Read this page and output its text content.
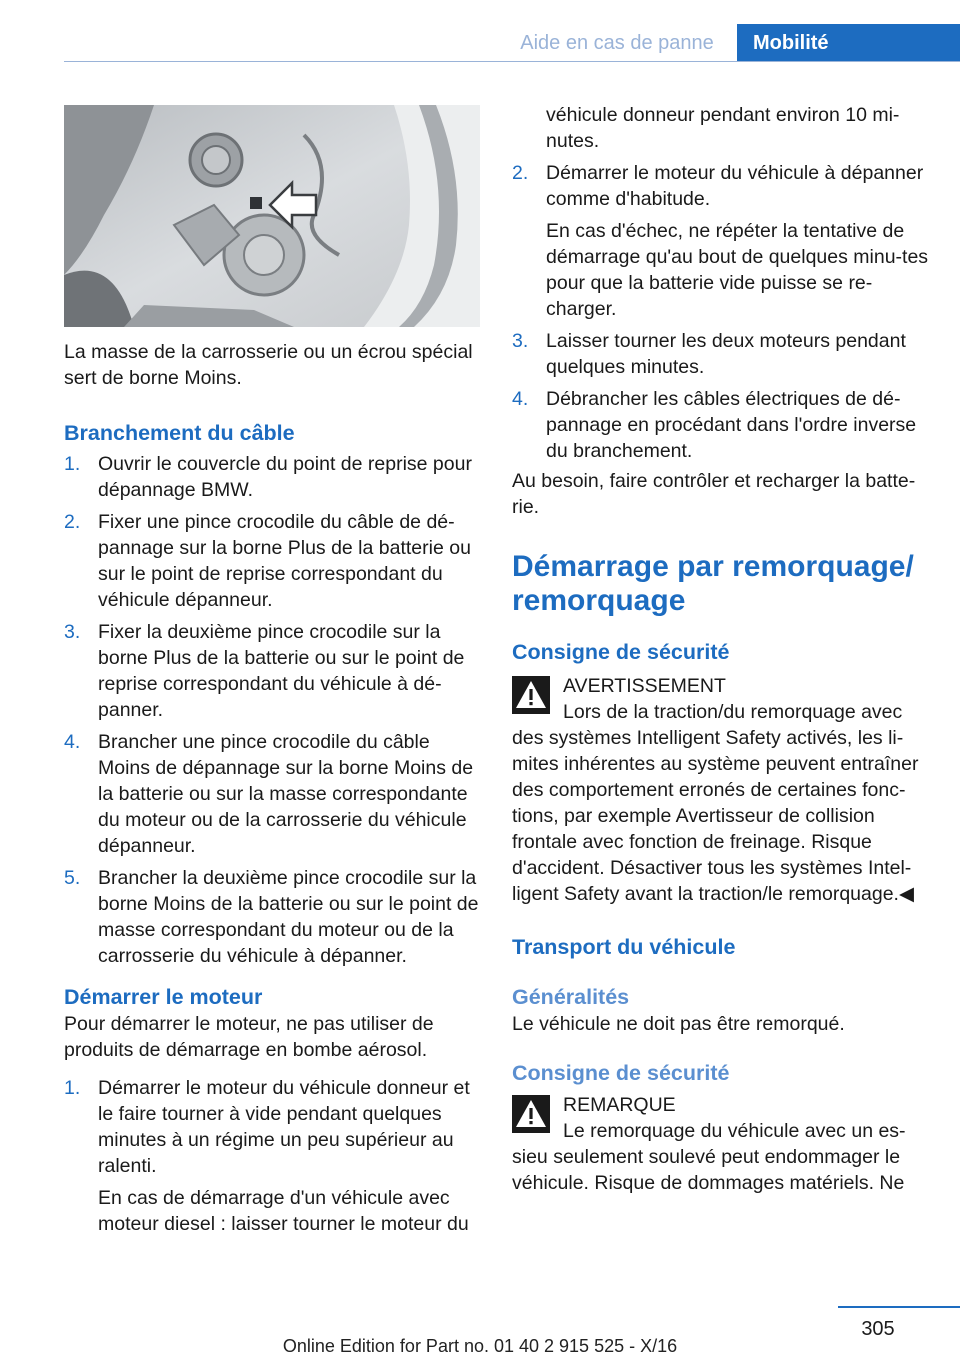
Aide en cas de panne	Mobilité

La masse de la carrosserie ou un écrou spécial sert de borne Moins.

Branchement du câble
1. Ouvrir le couvercle du point de reprise pour dépannage BMW.
2. Fixer une pince crocodile du câble de dé-pannage sur la borne Plus de la batterie ou sur le point de reprise correspondant du véhicule dépanneur.
3. Fixer la deuxième pince crocodile sur la borne Plus de la batterie ou sur le point de reprise correspondant du véhicule à dé-panner.
4. Brancher une pince crocodile du câble Moins de dépannage sur la borne Moins de la batterie ou sur la masse correspondante du moteur ou de la carrosserie du véhicule dépanneur.
5. Brancher la deuxième pince crocodile sur la borne Moins de la batterie ou sur le point de masse correspondant du moteur ou de la carrosserie du véhicule à dépanner.
Démarrer le moteur

Pour démarrer le moteur, ne pas utiliser de produits de démarrage en bombe aérosol.

1. Démarrer le moteur du véhicule donneur et le faire tourner à vide pendant quelques minutes à un régime un peu supérieur au ralenti.

En cas de démarrage d'un véhicule avec moteur diesel : laisser tourner le moteur du

véhicule donneur pendant environ 10 mi-nutes.
2. Démarrer le moteur du véhicule à dépanner comme d'habitude.

En cas d'échec, ne répéter la tentative de démarrage qu'au bout de quelques minu-tes pour que la batterie vide puisse se re-charger.

3. Laisser tourner les deux moteurs pendant quelques minutes.

4. Débrancher les câbles électriques de dé-pannage en procédant dans l'ordre inverse du branchement.

Au besoin, faire contrôler et recharger la batte-rie.

Démarrage par remorquage/ remorquage
Consigne de sécurité

AVERTISSEMENT

Lors de la traction/du remorquage avec

des systèmes Intelligent Safety activés, les li-mites inhérentes au système peuvent entraîner des comportement erronés de certaines fonc-tions, par exemple Avertisseur de collision frontale avec fonction de freinage. Risque d'accident. Désactiver tous les systèmes Intel-ligent Safety avant la traction/le remorquage.◀

Transport du véhicule
Généralités

Le véhicule ne doit pas être remorqué.

Consigne de sécurité

REMARQUE

Le remorquage du véhicule avec un es-

sieu seulement soulevé peut endommager le véhicule. Risque de dommages matériels. Ne

305
Online Edition for Part no. 01 40 2 915 525 - X/16
